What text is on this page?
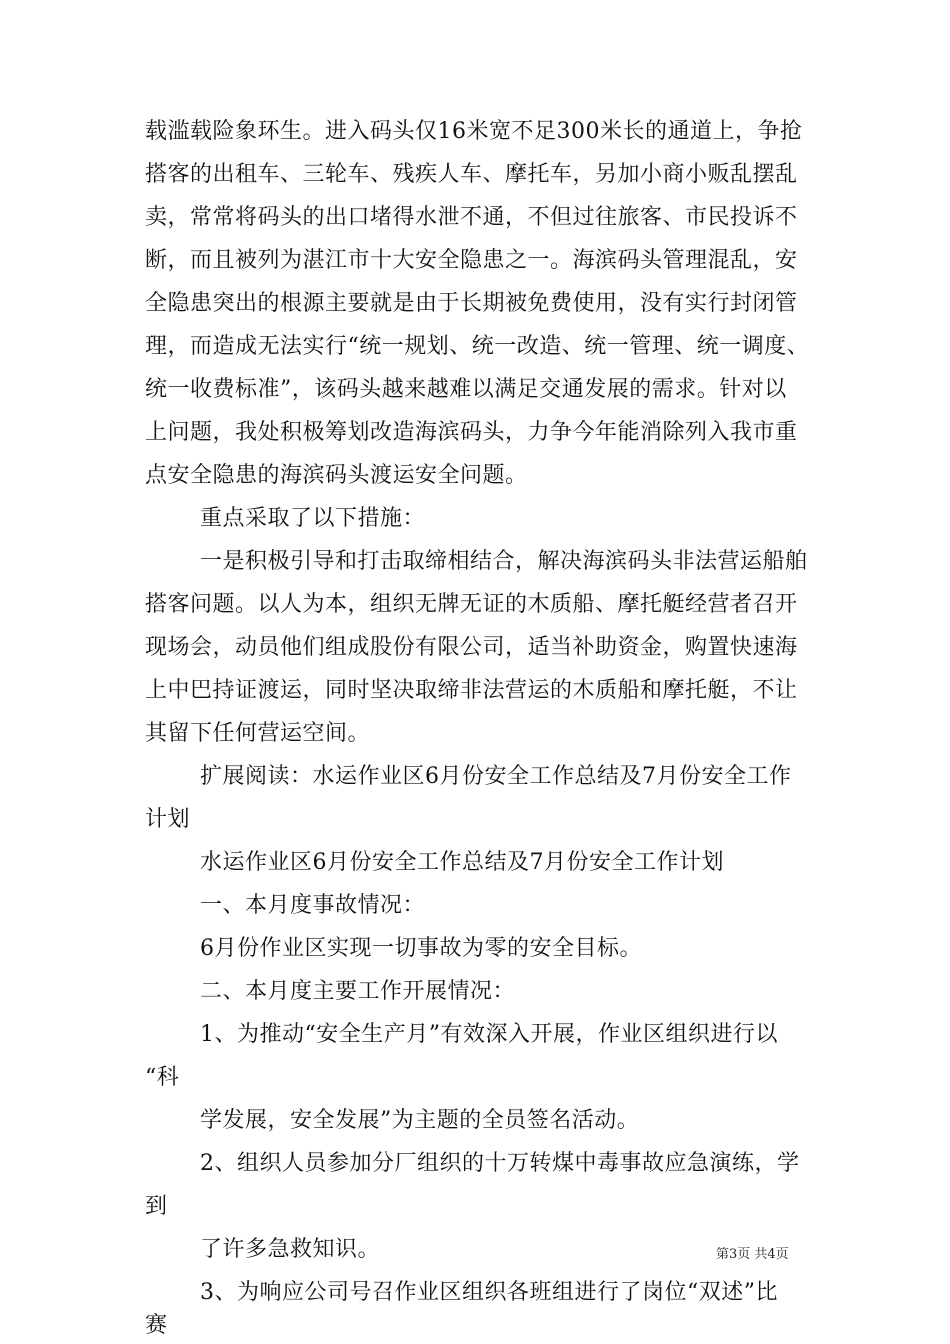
载滥载险象环生。进入码头仅16米宽不足300米长的通道上，争抢
搭客的出租车、三轮车、残疾人车、摩托车，另加小商小贩乱摆乱
卖，常常将码头的出口堵得水泄不通，不但过往旅客、市民投诉不
断，而且被列为湛江市十大安全隐患之一。海滨码头管理混乱，安
全隐患突出的根源主要就是由于长期被免费使用，没有实行封闭管
理，而造成无法实行“统一规划、统一改造、统一管理、统一调度、
统一收费标准”，该码头越来越难以满足交通发展的需求。针对以
上问题，我处积极筹划改造海滨码头，力争今年能消除列入我市重
点安全隐患的海滨码头渡运安全问题。
重点采取了以下措施：
一是积极引导和打击取缔相结合，解决海滨码头非法营运船舶
搭客问题。以人为本，组织无牌无证的木质船、摩托艇经营者召开
现场会，动员他们组成股份有限公司，适当补助资金，购置快速海
上中巴持证渡运，同时坚决取缔非法营运的木质船和摩托艇，不让
其留下任何营运空间。
扩展阅读：水运作业区6月份安全工作总结及7月份安全工作
计划
水运作业区6月份安全工作总结及7月份安全工作计划
一、本月度事故情况：
6月份作业区实现一切事故为零的安全目标。
二、本月度主要工作开展情况：
1、为推动“安全生产月”有效深入开展，作业区组织进行以
“科
学发展，安全发展”为主题的全员签名活动。
2、组织人员参加分厂组织的十万转煤中毒事故应急演练，学
到
了许多急救知识。
3、为响应公司号召作业区组织各班组进行了岗位“双述”比
赛
第3页 共4页
